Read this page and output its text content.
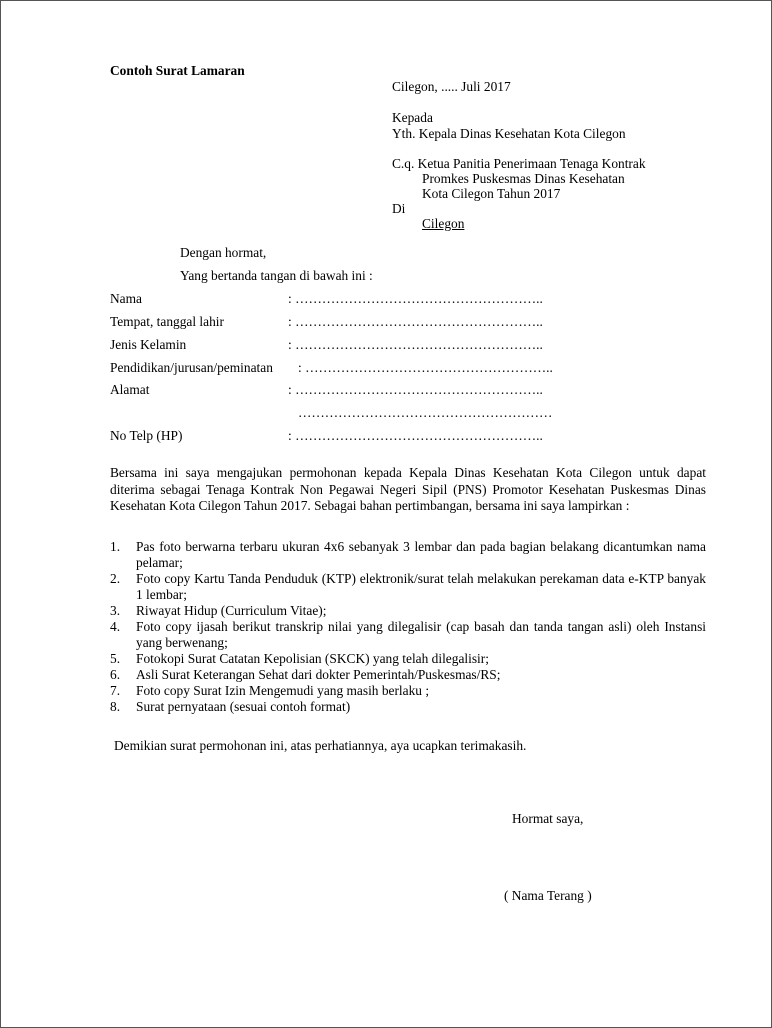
Contoh Surat Lamaran
Cilegon, ..... Juli 2017
Kepada
Yth. Kepala Dinas Kesehatan Kota Cilegon
C.q. Ketua Panitia Penerimaan Tenaga Kontrak
Promkes Puskesmas Dinas Kesehatan
Kota Cilegon Tahun 2017
Di
Cilegon
Dengan hormat,
Yang bertanda tangan di bawah ini :
Nama	: ………………………………………………..
Tempat, tanggal lahir	: ………………………………………………..
Jenis Kelamin	: ………………………………………………..
Pendidikan/jurusan/peminatan : ………………………………………………..
Alamat	: ………………………………………………..
…………………………………………………
No Telp (HP)	: ………………………………………………..
Bersama ini saya mengajukan permohonan kepada Kepala Dinas Kesehatan Kota Cilegon untuk dapat diterima sebagai Tenaga Kontrak Non Pegawai Negeri Sipil (PNS) Promotor Kesehatan Puskesmas Dinas Kesehatan Kota Cilegon Tahun 2017. Sebagai bahan pertimbangan, bersama ini saya lampirkan :
1. Pas foto berwarna terbaru ukuran 4x6 sebanyak 3 lembar dan pada bagian belakang dicantumkan nama pelamar;
2. Foto copy Kartu Tanda Penduduk (KTP) elektronik/surat telah melakukan perekaman data e-KTP banyak 1 lembar;
3. Riwayat Hidup (Curriculum Vitae);
4. Foto copy ijasah berikut transkrip nilai yang dilegalisir (cap basah dan tanda tangan asli) oleh Instansi yang berwenang;
5. Fotokopi Surat Catatan Kepolisian (SKCK) yang telah dilegalisir;
6. Asli Surat Keterangan Sehat dari dokter Pemerintah/Puskesmas/RS;
7. Foto copy Surat Izin Mengemudi yang masih berlaku ;
8. Surat pernyataan (sesuai contoh format)
Demikian surat permohonan ini, atas perhatiannya, aya ucapkan terimakasih.
Hormat saya,
( Nama Terang )
